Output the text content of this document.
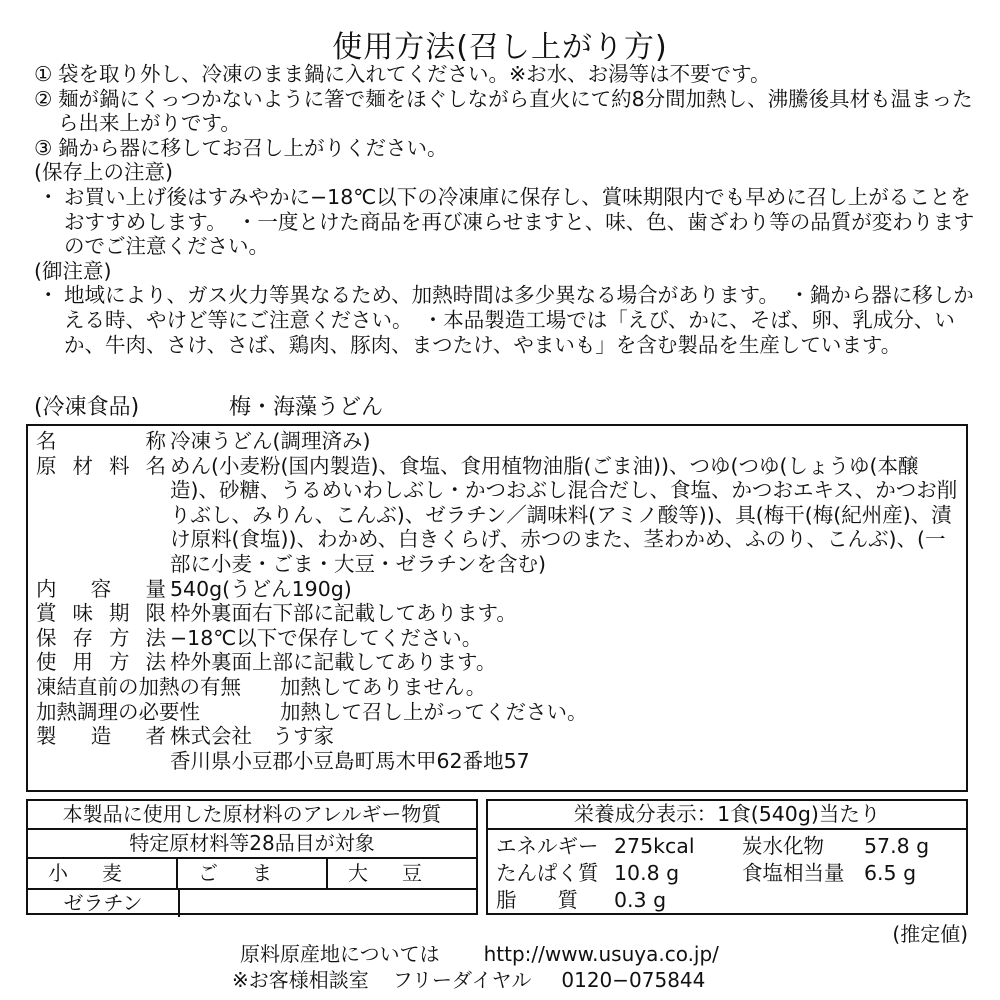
使用方法(召し上がり方)
① 袋を取り外し、冷凍のまま鍋に入れてください。※お水、お湯等は不要です。
② 麺が鍋にくっつかないように箸で麺をほぐしながら直火にて約8分間加熱し、沸騰後具材も温まったら出来上がりです。
③ 鍋から器に移してお召し上がりください。
(保存上の注意)
・ お買い上げ後はすみやかに−18℃以下の冷凍庫に保存し、賞味期限内でも早めに召し上がることをおすすめします。　・一度とけた商品を再び凍らせますと、味、色、歯ざわり等の品質が変わりますのでご注意ください。
(御注意)
・ 地域により、ガス火力等異なるため、加熱時間は多少異なる場合があります。　・鍋から器に移しかえる時、やけど等にご注意ください。　・本品製造工場では「えび、かに、そば、卵、乳成分、いか、牛肉、さけ、さば、鶏肉、豚肉、まつたけ、やまいも」を含む製品を生産しています。
(冷凍食品)	梅・海藻うどん
名称 冷凍うどん(調理済み)
原材料名 めん(小麦粉(国内製造)、食塩、食用植物油脂(ごま油))、つゆ(つゆ(しょうゆ(本醸造)、砂糖、うるめいわしぶし・かつおぶし混合だし、食塩、かつおエキス、かつお削りぶし、みりん、こんぶ)、ゼラチン／調味料(アミノ酸等))、具(梅干(梅(紀州産)、漬け原料(食塩))、わかめ、白きくらげ、赤つのまた、茎わかめ、ふのり、こんぶ)、(一部に小麦・ごま・大豆・ゼラチンを含む)
内容量 540g(うどん190g)
賞味期限 枠外裏面右下部に記載してあります。
保存方法 −18℃以下で保存してください。
使用方法 枠外裏面上部に記載してあります。
凍結直前の加熱の有無	加熱してありません。
加熱調理の必要性	加熱して召し上がってください。
製造者 株式会社　うす家
香川県小豆郡小豆島町馬木甲62番地57
本製品に使用した原材料のアレルギー物質
特定原材料等28品目が対象
小麦	ごま	大豆
ゼラチン
栄養成分表示：1食(540g)当たり
エネルギー 275kcal	炭水化物	57.8 g
たんぱく質 10.8 g	食塩相当量 6.5 g
脂　　質	0.3 g
(推定値)
原料原産地については http://www.usuya.co.jp/
※お客様相談室 フリーダイヤル 0120−075844
